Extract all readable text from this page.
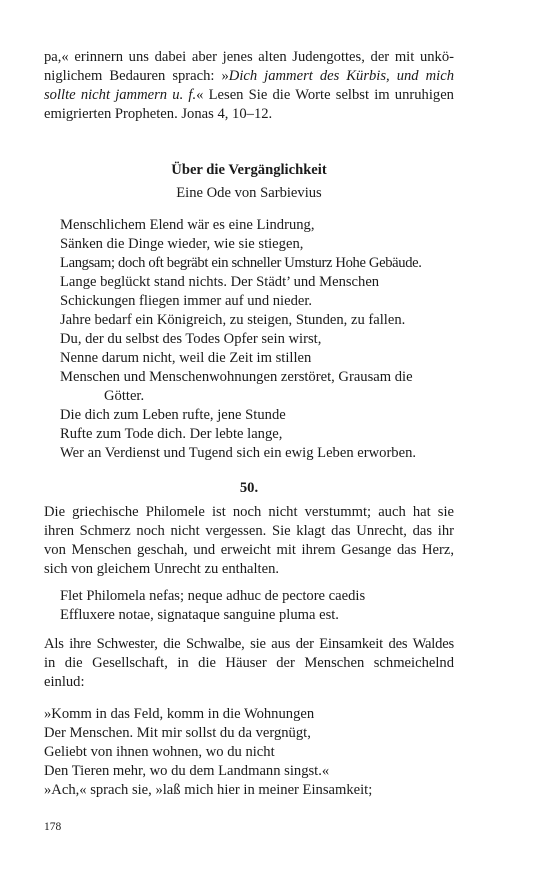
pa,« erinnern uns dabei aber jenes alten Judengottes, der mit unkö-
niglichem Bedauren sprach: »Dich jammert des Kürbis, und mich
sollte nicht jammern u. f.« Lesen Sie die Worte selbst im unruhigen
emigrierten Propheten. Jonas 4, 10–12.
Über die Vergänglichkeit
Eine Ode von Sarbievius
Menschlichem Elend wär es eine Lindrung,
Sänken die Dinge wieder, wie sie stiegen,
Langsam; doch oft begräbt ein schneller Umsturz Hohe Gebäude.
Lange beglückt stand nichts. Der Städt’ und Menschen
Schickungen fliegen immer auf und nieder.
Jahre bedarf ein Königreich, zu steigen, Stunden, zu fallen.
Du, der du selbst des Todes Opfer sein wirst,
Nenne darum nicht, weil die Zeit im stillen
Menschen und Menschenwohnungen zerstöret, Grausam die
Götter.
Die dich zum Leben rufte, jene Stunde
Rufte zum Tode dich. Der lebte lange,
Wer an Verdienst und Tugend sich ein ewig Leben erworben.
50.
Die griechische Philomele ist noch nicht verstummt; auch hat sie
ihren Schmerz noch nicht vergessen. Sie klagt das Unrecht, das ihr
von Menschen geschah, und erweicht mit ihrem Gesange das Herz,
sich von gleichem Unrecht zu enthalten.
Flet Philomela nefas; neque adhuc de pectore caedis
Effluxere notae, signataque sanguine pluma est.
Als ihre Schwester, die Schwalbe, sie aus der Einsamkeit des Waldes
in die Gesellschaft, in die Häuser der Menschen schmeichelnd
einlud:
»Komm in das Feld, komm in die Wohnungen
Der Menschen. Mit mir sollst du da vergnügt,
Geliebt von ihnen wohnen, wo du nicht
Den Tieren mehr, wo du dem Landmann singst.«
»Ach,« sprach sie, »laß mich hier in meiner Einsamkeit;
178
